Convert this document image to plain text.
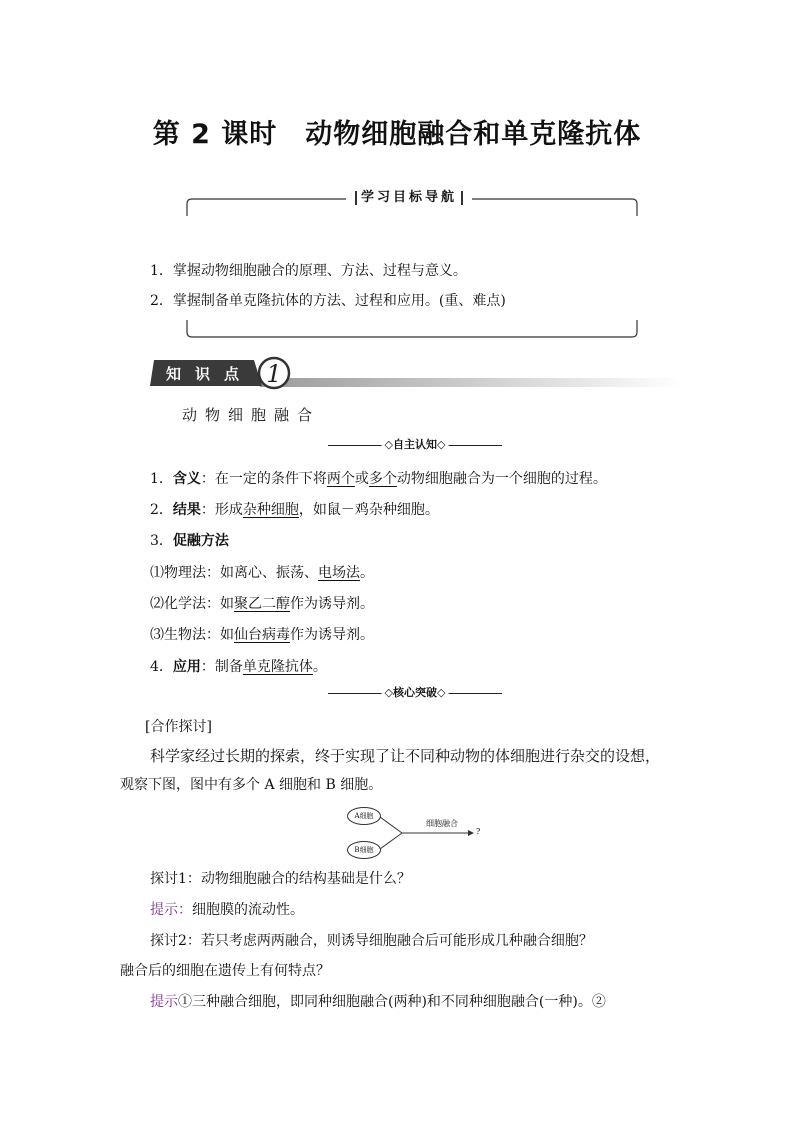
第 2 课时　动物细胞融合和单克隆抗体
学习目标导航
1．掌握动物细胞融合的原理、方法、过程与意义。
2．掌握制备单克隆抗体的方法、过程和应用。(重、难点)
1
知识点
动物细胞融合
◇自主认知◇
1．含义：在一定的条件下将两个或多个动物细胞融合为一个细胞的过程。
2．结果：形成杂种细胞，如鼠－鸡杂种细胞。
3．促融方法
⑴物理法：如离心、振荡、电场法。
⑵化学法：如聚乙二醇作为诱导剂。
⑶生物法：如仙台病毒作为诱导剂。
4．应用：制备单克隆抗体。
◇核心突破◇
[合作探讨]
科学家经过长期的探索，终于实现了让不同种动物的体细胞进行杂交的设想，
观察下图，图中有多个 A 细胞和 B 细胞。
A细胞
B细胞
细胞融合
?
探讨1：动物细胞融合的结构基础是什么？
提示：细胞膜的流动性。
探讨2：若只考虑两两融合，则诱导细胞融合后可能形成几种融合细胞？
融合后的细胞在遗传上有何特点？
提示①三种融合细胞，即同种细胞融合(两种)和不同种细胞融合(一种)。②
